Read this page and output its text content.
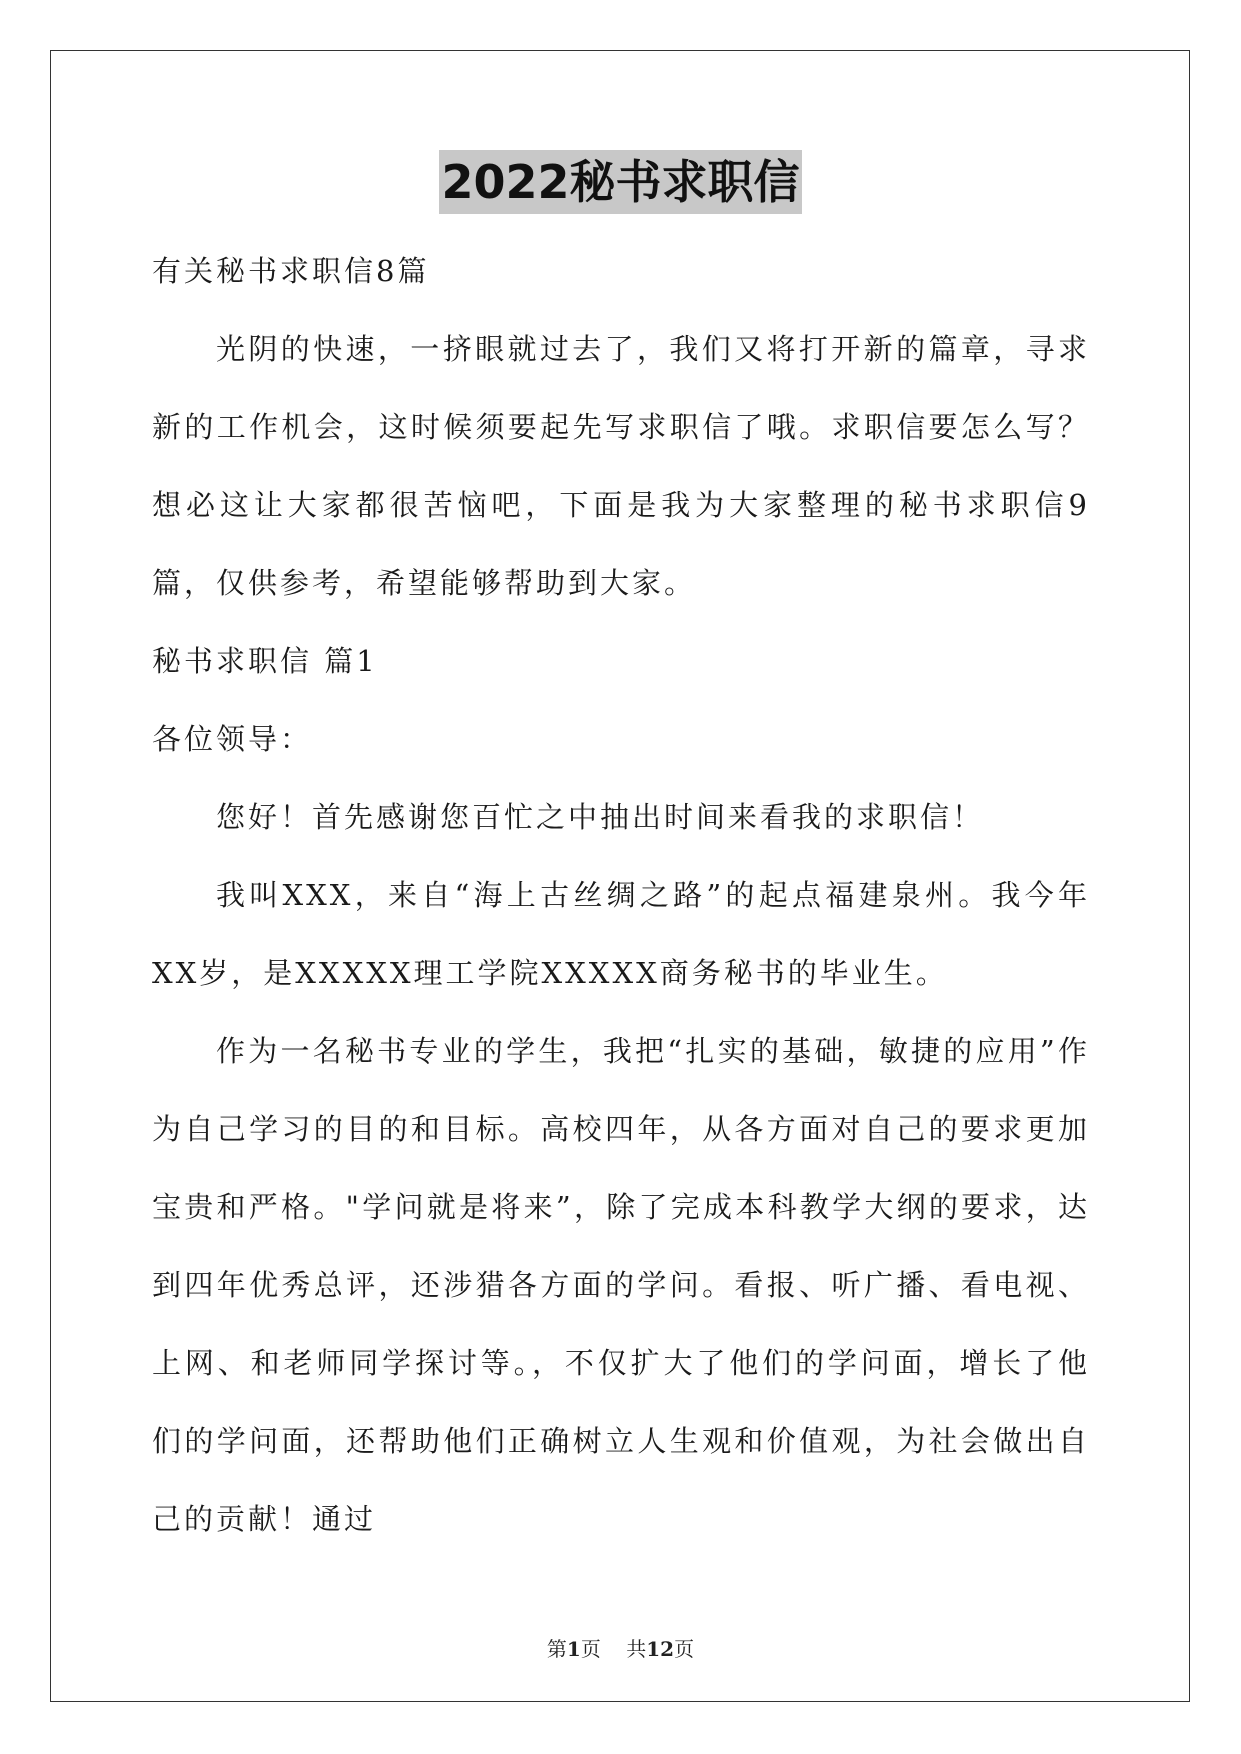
2022秘书求职信

有关秘书求职信8篇

光阴的快速，一挤眼就过去了，我们又将打开新的篇章，寻求新的工作机会，这时候须要起先写求职信了哦。求职信要怎么写？想必这让大家都很苦恼吧，下面是我为大家整理的秘书求职信9篇，仅供参考，希望能够帮助到大家。

秘书求职信 篇1

各位领导：

您好！首先感谢您百忙之中抽出时间来看我的求职信！

我叫XXX，来自“海上古丝绸之路”的起点福建泉州。我今年XX岁，是XXXXX理工学院XXXXX商务秘书的毕业生。

作为一名秘书专业的学生，我把“扎实的基础，敏捷的应用”作为自己学习的目的和目标。高校四年，从各方面对自己的要求更加宝贵和严格。"学问就是将来”，除了完成本科教学大纲的要求，达到四年优秀总评，还涉猎各方面的学问。看报、听广播、看电视、上网、和老师同学探讨等。，不仅扩大了他们的学问面，增长了他们的学问面，还帮助他们正确树立人生观和价值观，为社会做出自己的贡献！通过

第1页 共12页
